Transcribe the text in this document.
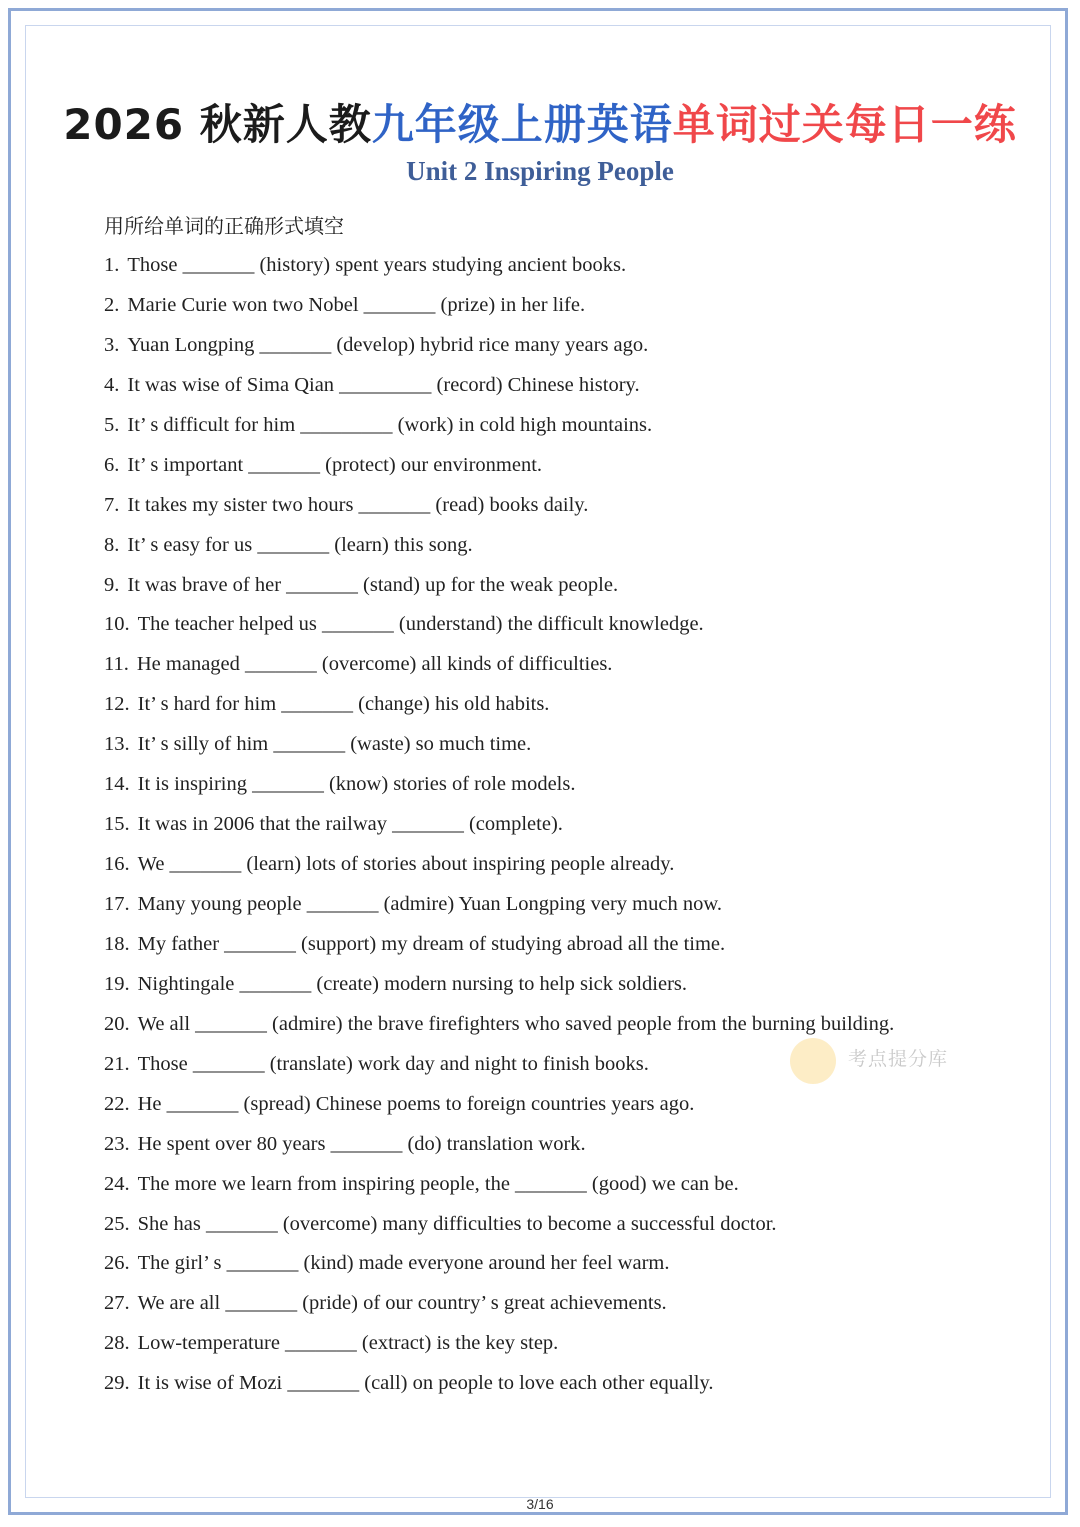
2026 秋新人教九年级上册英语单词过关每日一练
Unit 2 Inspiring People
用所给单词的正确形式填空
1. Those _______ (history) spent years studying ancient books.
2. Marie Curie won two Nobel _______ (prize) in her life.
3. Yuan Longping _______ (develop) hybrid rice many years ago.
4. It was wise of Sima Qian _________ (record) Chinese history.
5. It’ s difficult for him _________ (work) in cold high mountains.
6. It’ s important _______ (protect) our environment.
7. It takes my sister two hours _______ (read) books daily.
8. It’ s easy for us _______ (learn) this song.
9. It was brave of her _______ (stand) up for the weak people.
10. The teacher helped us _______ (understand) the difficult knowledge.
11. He managed _______ (overcome) all kinds of difficulties.
12. It’ s hard for him _______ (change) his old habits.
13. It’ s silly of him _______ (waste) so much time.
14. It is inspiring _______ (know) stories of role models.
15. It was in 2006 that the railway _______ (complete).
16. We _______ (learn) lots of stories about inspiring people already.
17. Many young people _______ (admire) Yuan Longping very much now.
18. My father _______ (support) my dream of studying abroad all the time.
19. Nightingale _______ (create) modern nursing to help sick soldiers.
20. We all _______ (admire) the brave firefighters who saved people from the burning building.
21. Those _______ (translate) work day and night to finish books.
22. He _______ (spread) Chinese poems to foreign countries years ago.
23. He spent over 80 years _______ (do) translation work.
24. The more we learn from inspiring people, the _______ (good) we can be.
25. She has _______ (overcome) many difficulties to become a successful doctor.
26. The girl’ s _______ (kind) made everyone around her feel warm.
27. We are all _______ (pride) of our country’ s great achievements.
28. Low-temperature _______ (extract) is the key step.
29. It is wise of Mozi _______ (call) on people to love each other equally.
考点提分库
3/16
